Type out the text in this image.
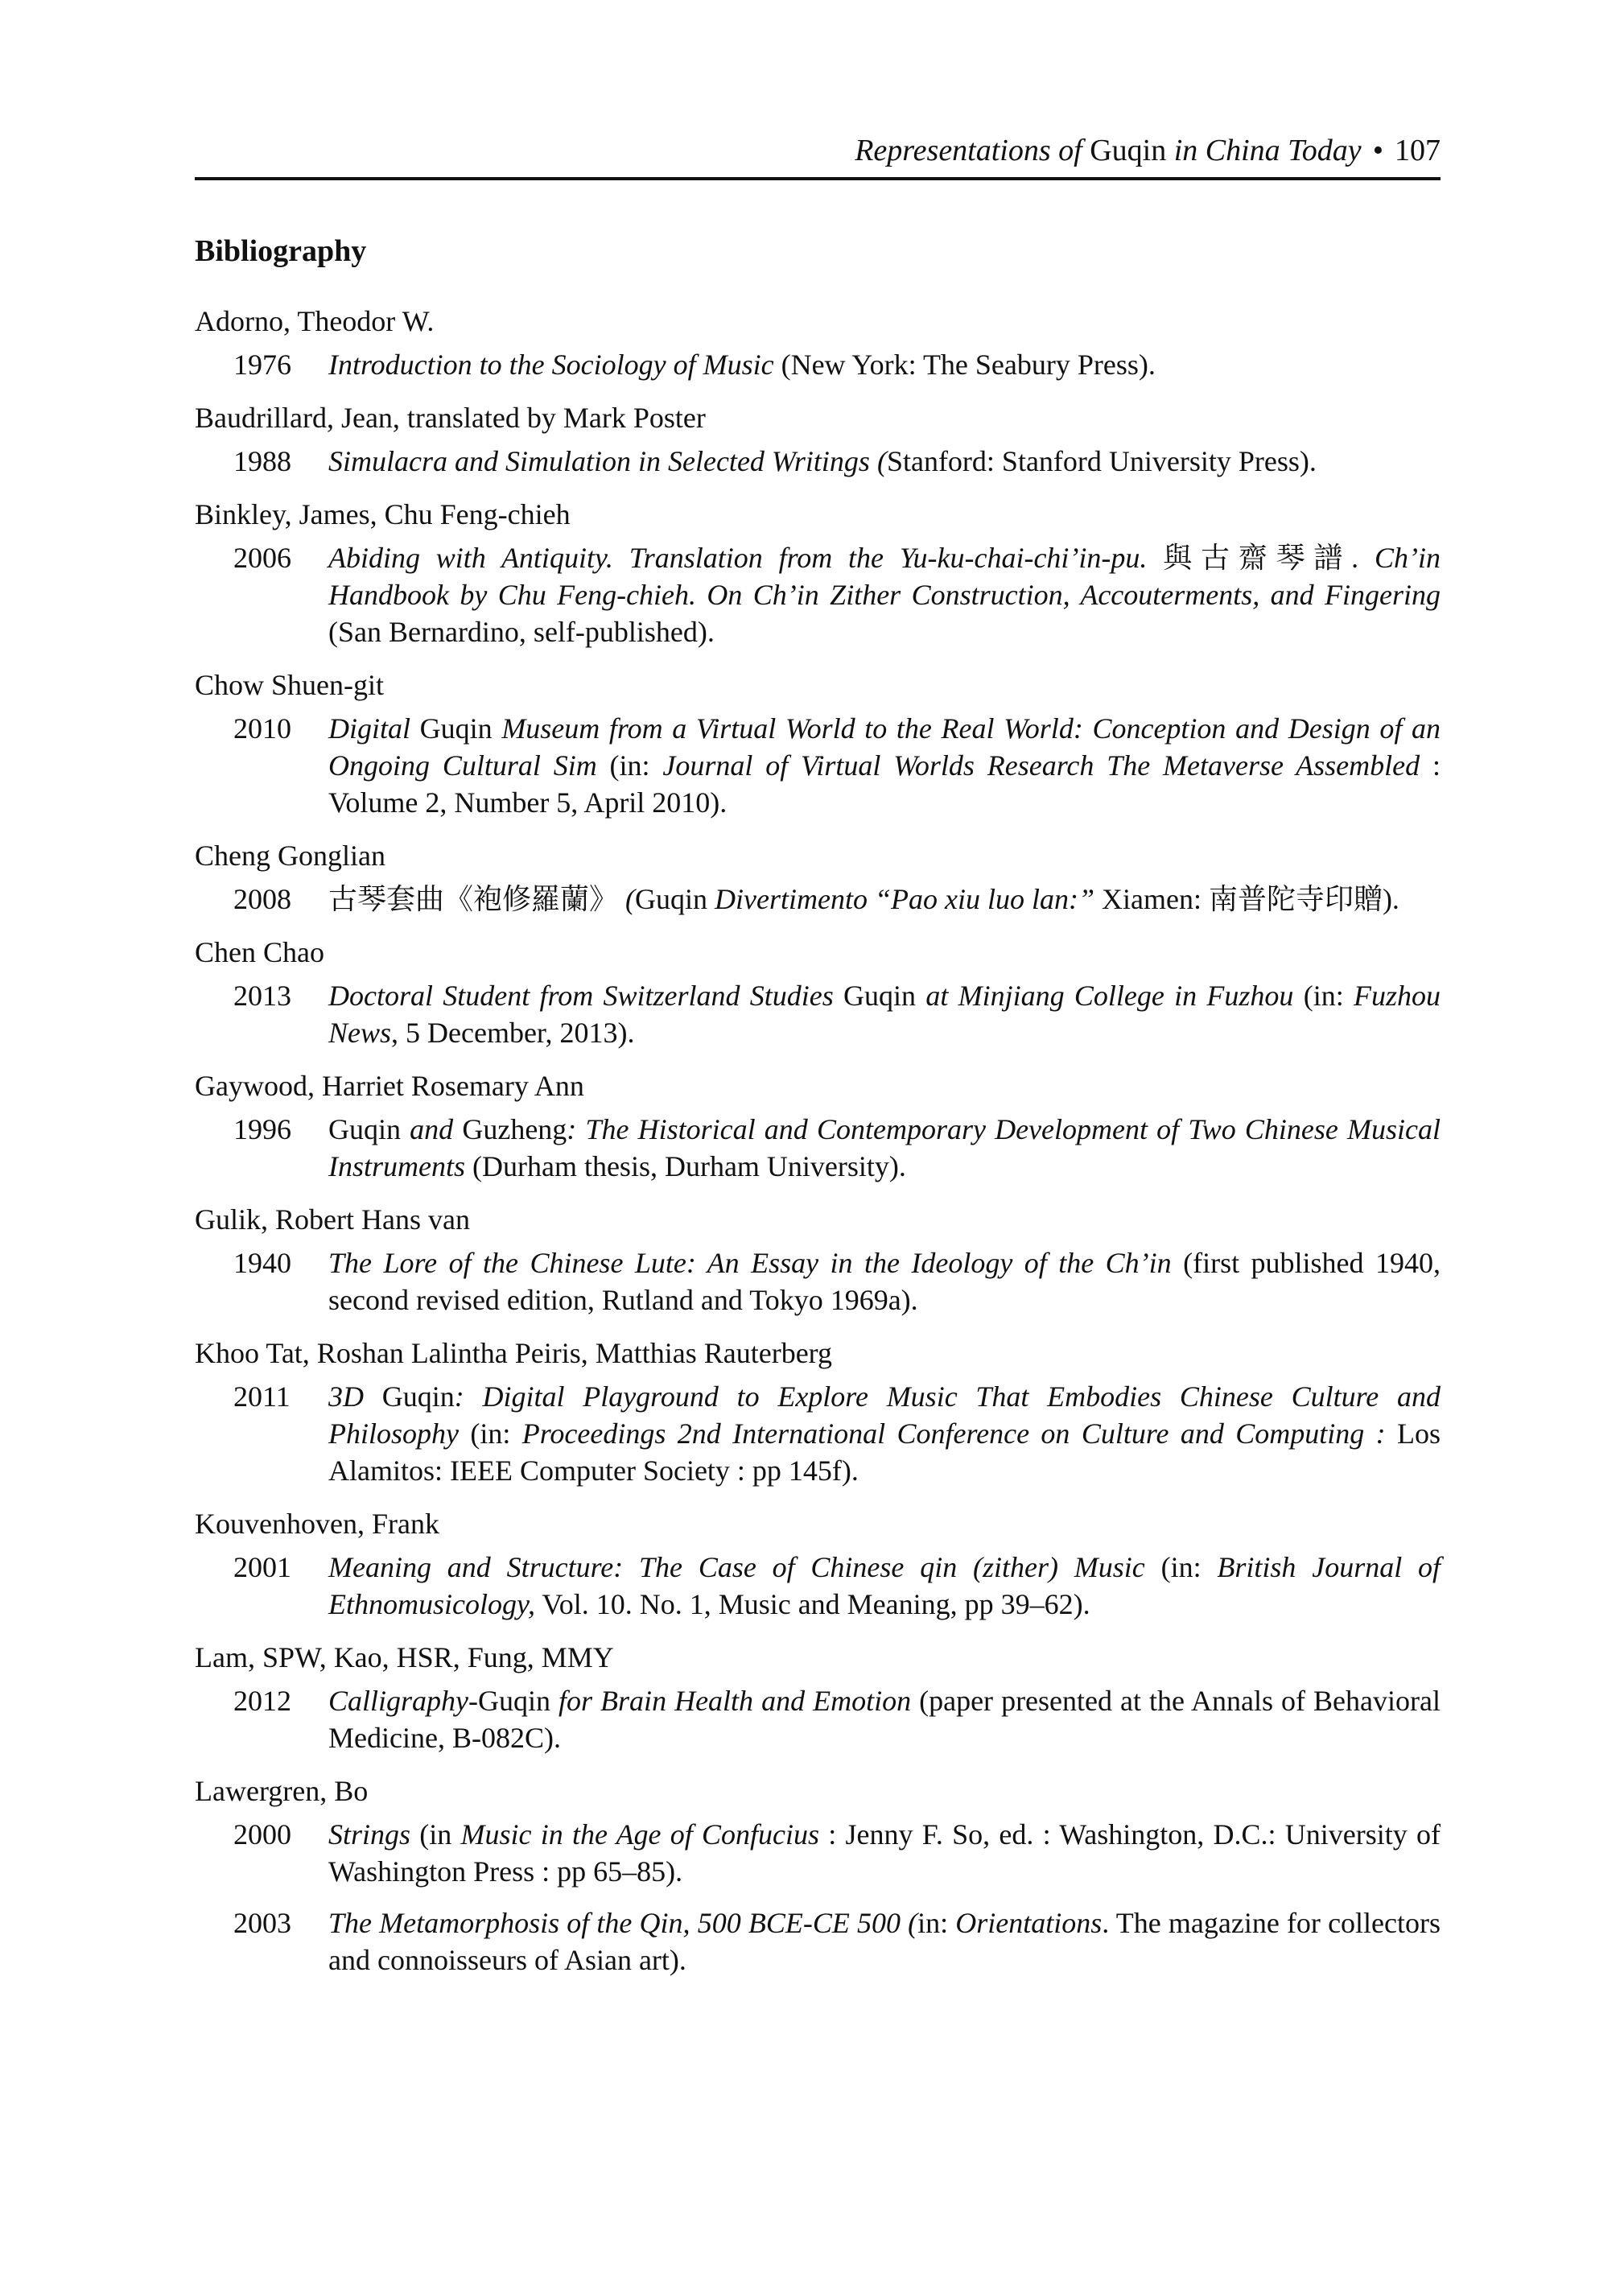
Representations of Guqin in China Today • 107
Bibliography
Adorno, Theodor W.
1976	Introduction to the Sociology of Music (New York: The Seabury Press).
Baudrillard, Jean, translated by Mark Poster
1988	Simulacra and Simulation in Selected Writings (Stanford: Stanford University Press).
Binkley, James, Chu Feng-chieh
2006	Abiding with Antiquity. Translation from the Yu-ku-chai-chi’in-pu. 與古齋琴譜. Ch’in Handbook by Chu Feng-chieh. On Ch’in Zither Construction, Accouterments, and Fingering (San Bernardino, self-published).
Chow Shuen-git
2010	Digital Guqin Museum from a Virtual World to the Real World: Conception and Design of an Ongoing Cultural Sim (in: Journal of Virtual Worlds Research The Metaverse Assembled : Volume 2, Number 5, April 2010).
Cheng Gonglian
2008	古琴套曲《袍修羅蘭》 (Guqin Divertimento “Pao xiu luo lan:” Xiamen: 南普陀寺印贈).
Chen Chao
2013	Doctoral Student from Switzerland Studies Guqin at Minjiang College in Fuzhou (in: Fuzhou News, 5 December, 2013).
Gaywood, Harriet Rosemary Ann
1996	Guqin and Guzheng: The Historical and Contemporary Development of Two Chinese Musical Instruments (Durham thesis, Durham University).
Gulik, Robert Hans van
1940	The Lore of the Chinese Lute: An Essay in the Ideology of the Ch’in (first published 1940, second revised edition, Rutland and Tokyo 1969a).
Khoo Tat, Roshan Lalintha Peiris, Matthias Rauterberg
2011	3D Guqin: Digital Playground to Explore Music That Embodies Chinese Culture and Philosophy (in: Proceedings 2nd International Conference on Culture and Computing : Los Alamitos: IEEE Computer Society : pp 145f).
Kouvenhoven, Frank
2001	Meaning and Structure: The Case of Chinese qin (zither) Music (in: British Journal of Ethnomusicology, Vol. 10. No. 1, Music and Meaning, pp 39–62).
Lam, SPW, Kao, HSR, Fung, MMY
2012	Calligraphy-Guqin for Brain Health and Emotion (paper presented at the Annals of Behavioral Medicine, B-082C).
Lawergren, Bo
2000	Strings (in Music in the Age of Confucius : Jenny F. So, ed. : Washington, D.C.: University of Washington Press : pp 65–85).
2003	The Metamorphosis of the Qin, 500 BCE-CE 500 (in: Orientations. The magazine for collectors and connoisseurs of Asian art).
